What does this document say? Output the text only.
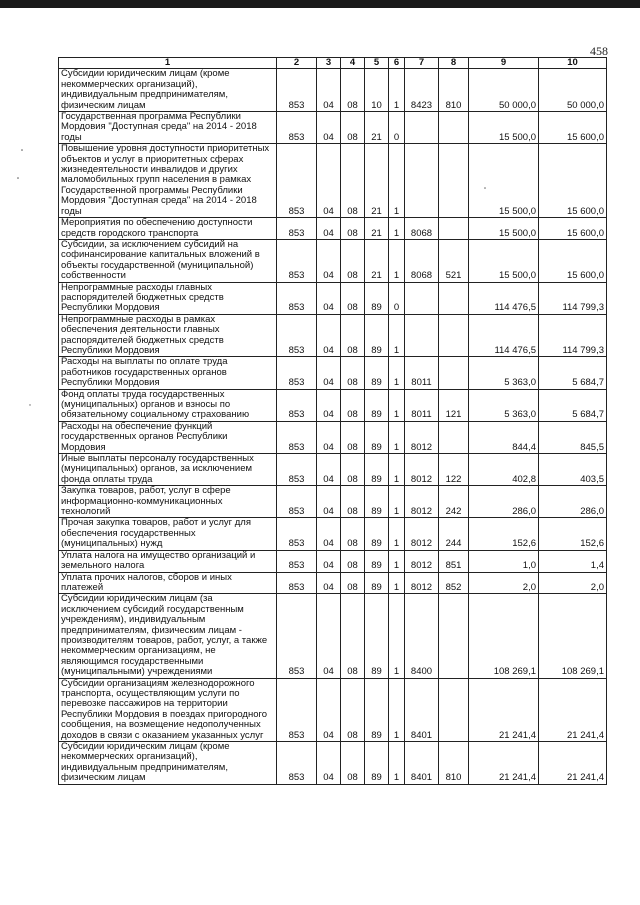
458
1	2	3	4	5	6	7	8	9	10
Субсидии юридическим лицам (кроме некоммерческих организаций), индивидуальным предпринимателям, физическим лицам	853	04	08	10	1	8423	810	50 000,0	50 000,0
Государственная программа Республики Мордовия "Доступная среда" на 2014 - 2018 годы	853	04	08	21	0			15 500,0	15 600,0
Повышение уровня доступности приоритетных объектов и услуг в приоритетных сферах жизнедеятельности инвалидов и других маломобильных групп населения в рамках Государственной программы Республики Мордовия "Доступная среда" на 2014 - 2018 годы	853	04	08	21	1			15 500,0	15 600,0
Мероприятия по обеспечению доступности средств городского транспорта	853	04	08	21	1	8068		15 500,0	15 600,0
Субсидии, за исключением субсидий на софинансирование капитальных вложений в объекты государственной (муниципальной) собственности	853	04	08	21	1	8068	521	15 500,0	15 600,0
Непрограммные расходы главных распорядителей бюджетных средств Республики Мордовия	853	04	08	89	0			114 476,5	114 799,3
Непрограммные расходы в рамках обеспечения деятельности главных распорядителей бюджетных средств Республики Мордовия	853	04	08	89	1			114 476,5	114 799,3
Расходы на выплаты по оплате труда работников государственных органов Республики Мордовия	853	04	08	89	1	8011		5 363,0	5 684,7
Фонд оплаты труда государственных (муниципальных) органов и взносы по обязательному социальному страхованию	853	04	08	89	1	8011	121	5 363,0	5 684,7
Расходы на обеспечение функций государственных органов Республики Мордовия	853	04	08	89	1	8012		844,4	845,5
Иные выплаты персоналу государственных (муниципальных) органов, за исключением фонда оплаты труда	853	04	08	89	1	8012	122	402,8	403,5
Закупка товаров, работ, услуг в сфере информационно-коммуникационных технологий	853	04	08	89	1	8012	242	286,0	286,0
Прочая закупка товаров, работ и услуг для обеспечения государственных (муниципальных) нужд	853	04	08	89	1	8012	244	152,6	152,6
Уплата налога на имущество организаций и земельного налога	853	04	08	89	1	8012	851	1,0	1,4
Уплата прочих налогов, сборов и иных платежей	853	04	08	89	1	8012	852	2,0	2,0
Субсидии юридическим лицам (за исключением субсидий государственным учреждениям), индивидуальным предпринимателям, физическим лицам - производителям товаров, работ, услуг, а также некоммерческим организациям, не являющимся государственными (муниципальными) учреждениями	853	04	08	89	1	8400		108 269,1	108 269,1
Субсидии организациям железнодорожного транспорта, осуществляющим услуги по перевозке пассажиров на территории Республики Мордовия в поездах пригородного сообщения, на возмещение недополученных доходов в связи с оказанием указанных услуг	853	04	08	89	1	8401		21 241,4	21 241,4
Субсидии юридическим лицам (кроме некоммерческих организаций), индивидуальным предпринимателям, физическим лицам	853	04	08	89	1	8401	810	21 241,4	21 241,4
